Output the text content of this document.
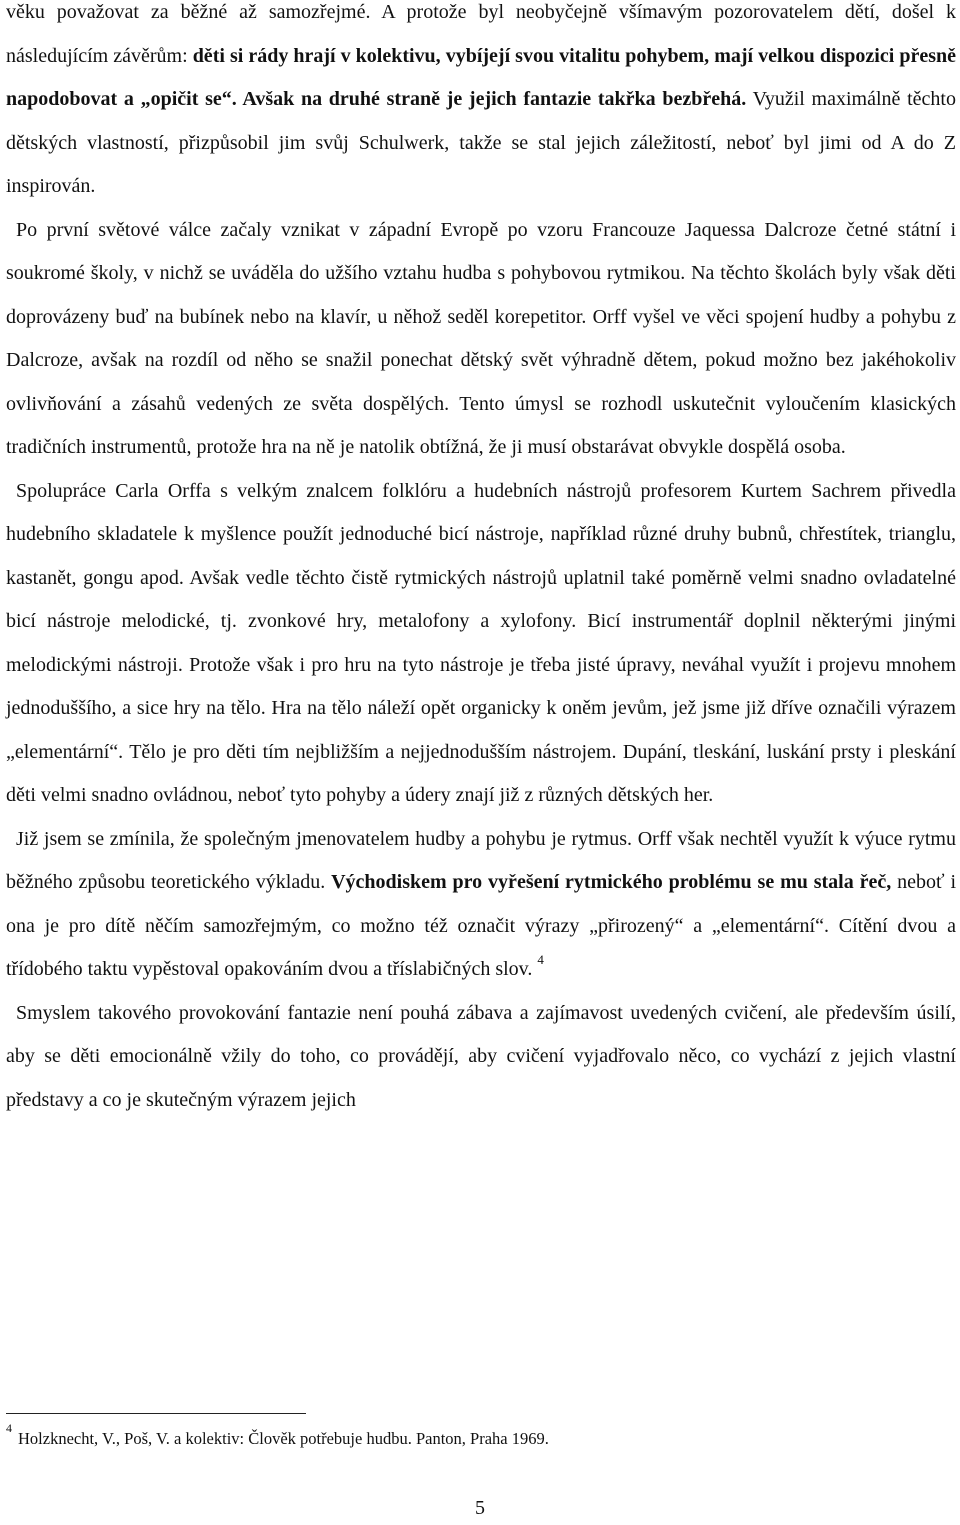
věku považovat za běžné až samozřejmé. A protože byl neobyčejně všímavým pozorovatelem dětí, došel k následujícím závěrům: děti si rády hrají v kolektivu, vybíjejí svou vitalitu pohybem, mají velkou dispozici přesně napodobovat a „opičit se“. Avšak na druhé straně je jejich fantazie takřka bezbřehá. Využil maximálně těchto dětských vlastností, přizpůsobil jim svůj Schulwerk, takže se stal jejich záležitostí, neboť byl jimi od A do Z inspirován.

Po první světové válce začaly vznikat v západní Evropě po vzoru Francouze Jaquessa Dalcroze četné státní i soukromé školy, v nichž se uváděla do užšího vztahu hudba s pohybovou rytmikou. Na těchto školách byly však děti doprovázeny buď na bubínek nebo na klavír, u něhož seděl korepetitor. Orff vyšel ve věci spojení hudby a pohybu z Dalcroze, avšak na rozdíl od něho se snažil ponechat dětský svět výhradně dětem, pokud možno bez jakéhokoliv ovlivňování a zásahů vedených ze světa dospělých. Tento úmysl se rozhodl uskutečnit vyloučením klasických tradičních instrumentů, protože hra na ně je natolik obtížná, že ji musí obstarávat obvykle dospělá osoba.

Spolupráce Carla Orffa s velkým znalcem folklóru a hudebních nástrojů profesorem Kurtem Sachrem přivedla hudebního skladatele k myšlence použít jednoduché bicí nástroje, například různé druhy bubnů, chřestítek, trianglu, kastanět, gongu apod. Avšak vedle těchto čistě rytmických nástrojů uplatnil také poměrně velmi snadno ovladatelné bicí nástroje melodické, tj. zvonkové hry, metalofony a xylofony. Bicí instrumentář doplnil některými jinými melodickými nástroji. Protože však i pro hru na tyto nástroje je třeba jisté úpravy, neváhal využít i projevu mnohem jednoduššího, a sice hry na tělo. Hra na tělo náleží opět organicky k oněm jevům, jež jsme již dříve označili výrazem „elementární“. Tělo je pro děti tím nejbližším a nejjednodušším nástrojem. Dupání, tleskání, luskání prsty i pleskání děti velmi snadno ovládnou, neboť tyto pohyby a údery znají již z různých dětských her.

Již jsem se zmínila, že společným jmenovatelem hudby a pohybu je rytmus. Orff však nechtěl využít k výuce rytmu běžného způsobu teoretického výkladu. Východiskem pro vyřešení rytmického problému se mu stala řeč, neboť i ona je pro dítě něčím samozřejmým, co možno též označit výrazy „přirozený“ a „elementární“. Cítění dvou a třídobého taktu vypěstoval opakováním dvou a tříslabičných slov. $^4$

Smyslem takového provokování fantazie není pouhá zábava a zajímavost uvedených cvičení, ale především úsilí, aby se děti emocionálně vžily do toho, co provádějí, aby cvičení vyjadřovalo něco, co vychází z jejich vlastní představy a co je skutečným výrazem jejich

$^4$Holzknecht, V., Poš, V. a kolektiv: Člověk potřebuje hudbu. Panton, Praha 1969.
5
